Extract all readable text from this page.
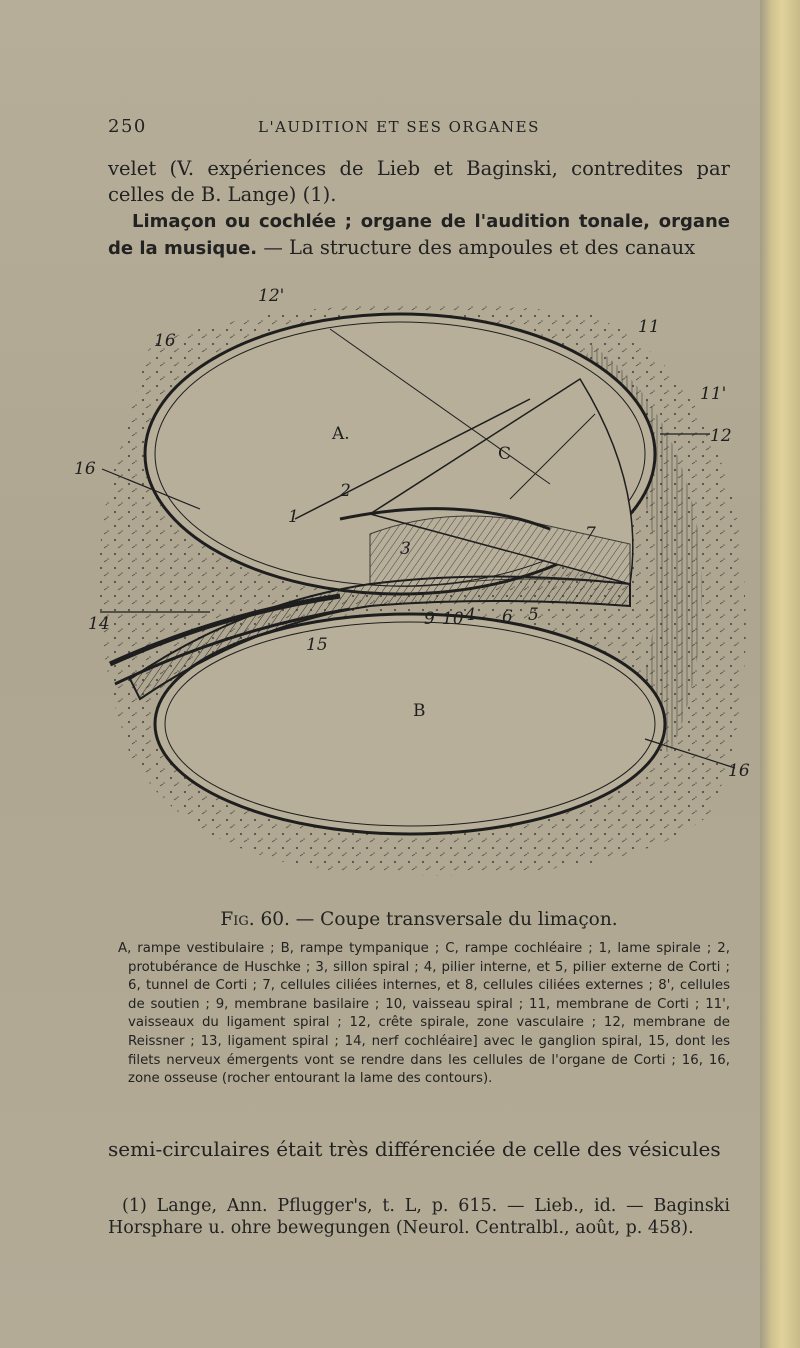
250	L'AUDITION ET SES ORGANES
velet (V. expériences de Lieb et Baginski, contredites par celles de B. Lange) (1).
Limaçon ou cochlée ; organe de l'audition tonale, organe de la musique. — La structure des ampoules et des canaux
A.
B
C
1
2
3
9 10 4 6 5
7
11
11'
12
12'
14
15
16
16
16
Fig. 60. — Coupe transversale du limaçon.
A, rampe vestibulaire ; B, rampe tympanique ; C, rampe cochléaire ; 1, lame spirale ; 2, protubérance de Huschke ; 3, sillon spiral ; 4, pilier interne, et 5, pilier externe de Corti ; 6, tunnel de Corti ; 7, cellules ciliées internes, et 8, cellules ciliées externes ; 8', cellules de soutien ; 9, membrane basilaire ; 10, vaisseau spiral ; 11, membrane de Corti ; 11', vaisseaux du ligament spiral ; 12, crête spirale, zone vasculaire ; 12, membrane de Reissner ; 13, ligament spiral ; 14, nerf cochléaire] avec le ganglion spiral, 15, dont les filets nerveux émergents vont se rendre dans les cellules de l'organe de Corti ; 16, 16, zone osseuse (rocher entourant la lame des contours).
semi-circulaires était très différenciée de celle des vésicules
(1) Lange, Ann. Pflugger's, t. L, p. 615. — Lieb., id. — Baginski Horsphare u. ohre bewegungen (Neurol. Centralbl., août, p. 458).
